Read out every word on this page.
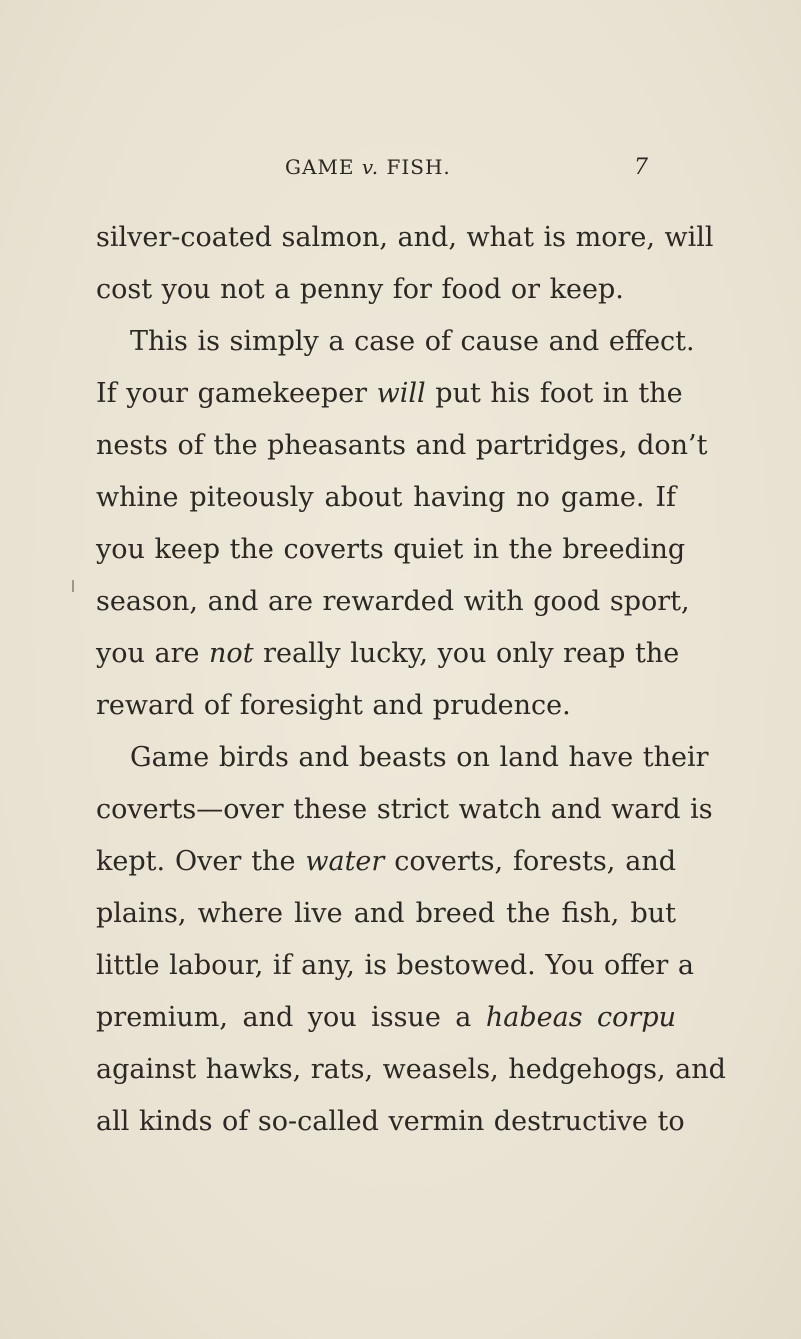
GAME v. FISH.	7
silver-coated salmon, and, what is more, will
cost you not a penny for food or keep.
This is simply a case of cause and effect.
If your gamekeeper will put his foot in the
nests of the pheasants and partridges, don’t
whine piteously about having no game. If
you keep the coverts quiet in the breeding
season, and are rewarded with good sport,
you are not really lucky, you only reap the
reward of foresight and prudence.
Game birds and beasts on land have their
coverts—over these strict watch and ward is
kept. Over the water coverts, forests, and
plains, where live and breed the fish, but
little labour, if any, is bestowed. You offer a
premium, and you issue a habeas corpu
against hawks, rats, weasels, hedgehogs, and
all kinds of so-called vermin destructive to
